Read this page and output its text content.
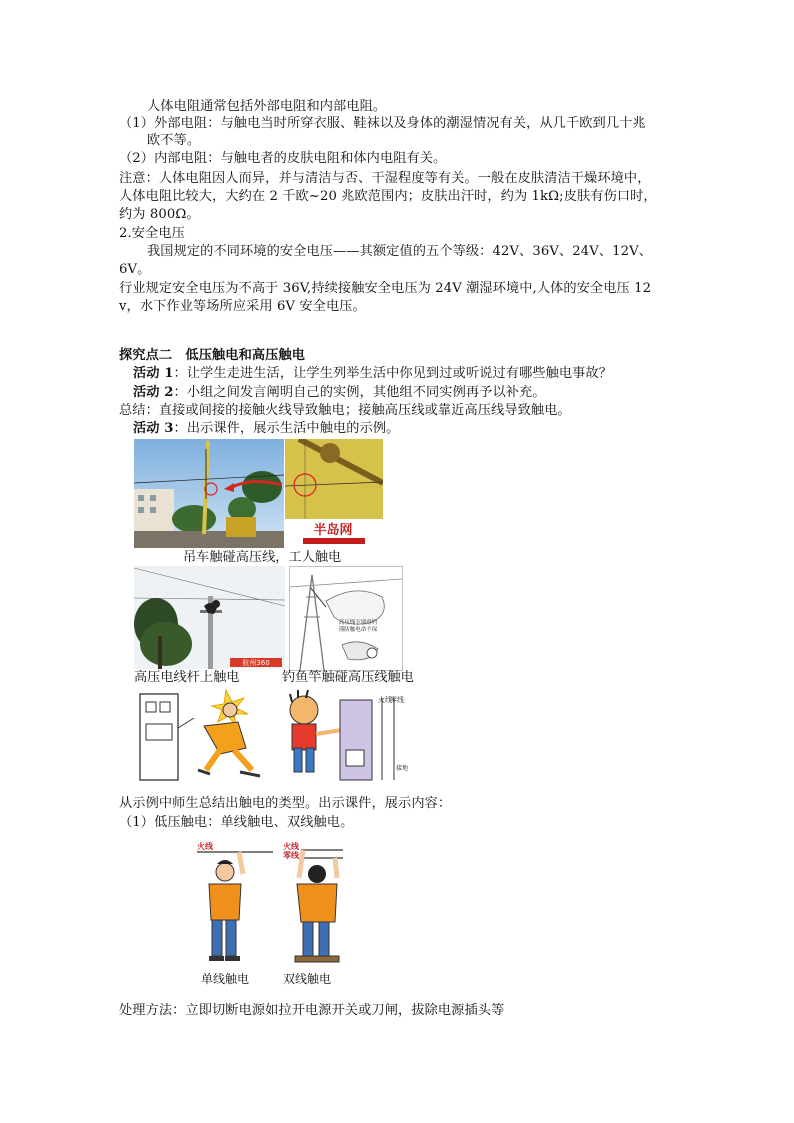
人体电阻通常包括外部电阻和内部电阻。
（1）外部电阻：与触电当时所穿衣服、鞋袜以及身体的潮湿情况有关，从几千欧到几十兆
欧不等。
（2）内部电阻：与触电者的皮肤电阻和体内电阻有关。
注意：人体电阻因人而异，并与清洁与否、干湿程度等有关。一般在皮肤清洁干燥环境中，
人体电阻比较大，大约在 2 千欧~20 兆欧范围内；皮肤出汗时，约为 1kΩ;皮肤有伤口时，
约为 800Ω。
2.安全电压
我国规定的不同环境的安全电压——其额定值的五个等级：42V、36V、24V、12V、
6V。
行业规定安全电压为不高于 36V,持续接触安全电压为 24V 潮湿环境中,人体的安全电压 12
v，水下作业等场所应采用 6V 安全电压。
探究点二　低压触电和高压触电
活动 1：让学生走进生活，让学生列举生活中你见到过或听说过有哪些触电事故？
活动 2：小组之间发言阐明自己的实例，其他组不同实例再予以补充。
总结：直接或间接的接触火线导致触电；接触高压线或靠近高压线导致触电。
活动 3：出示课件，展示生活中触电的示例。
半岛网
吊车触碰高压线，工人触电
杭州360
高压线下别垂钓
谨防触电命不保
高压电线杆上触电	钓鱼竿触碰高压线触电
火线
零线
接地
从示例中师生总结出触电的类型。出示课件，展示内容：
（1）低压触电：单线触电、双线触电。
火线	火线
零线
单线触电	双线触电
处理方法：立即切断电源如拉开电源开关或刀闸，拔除电源插头等
